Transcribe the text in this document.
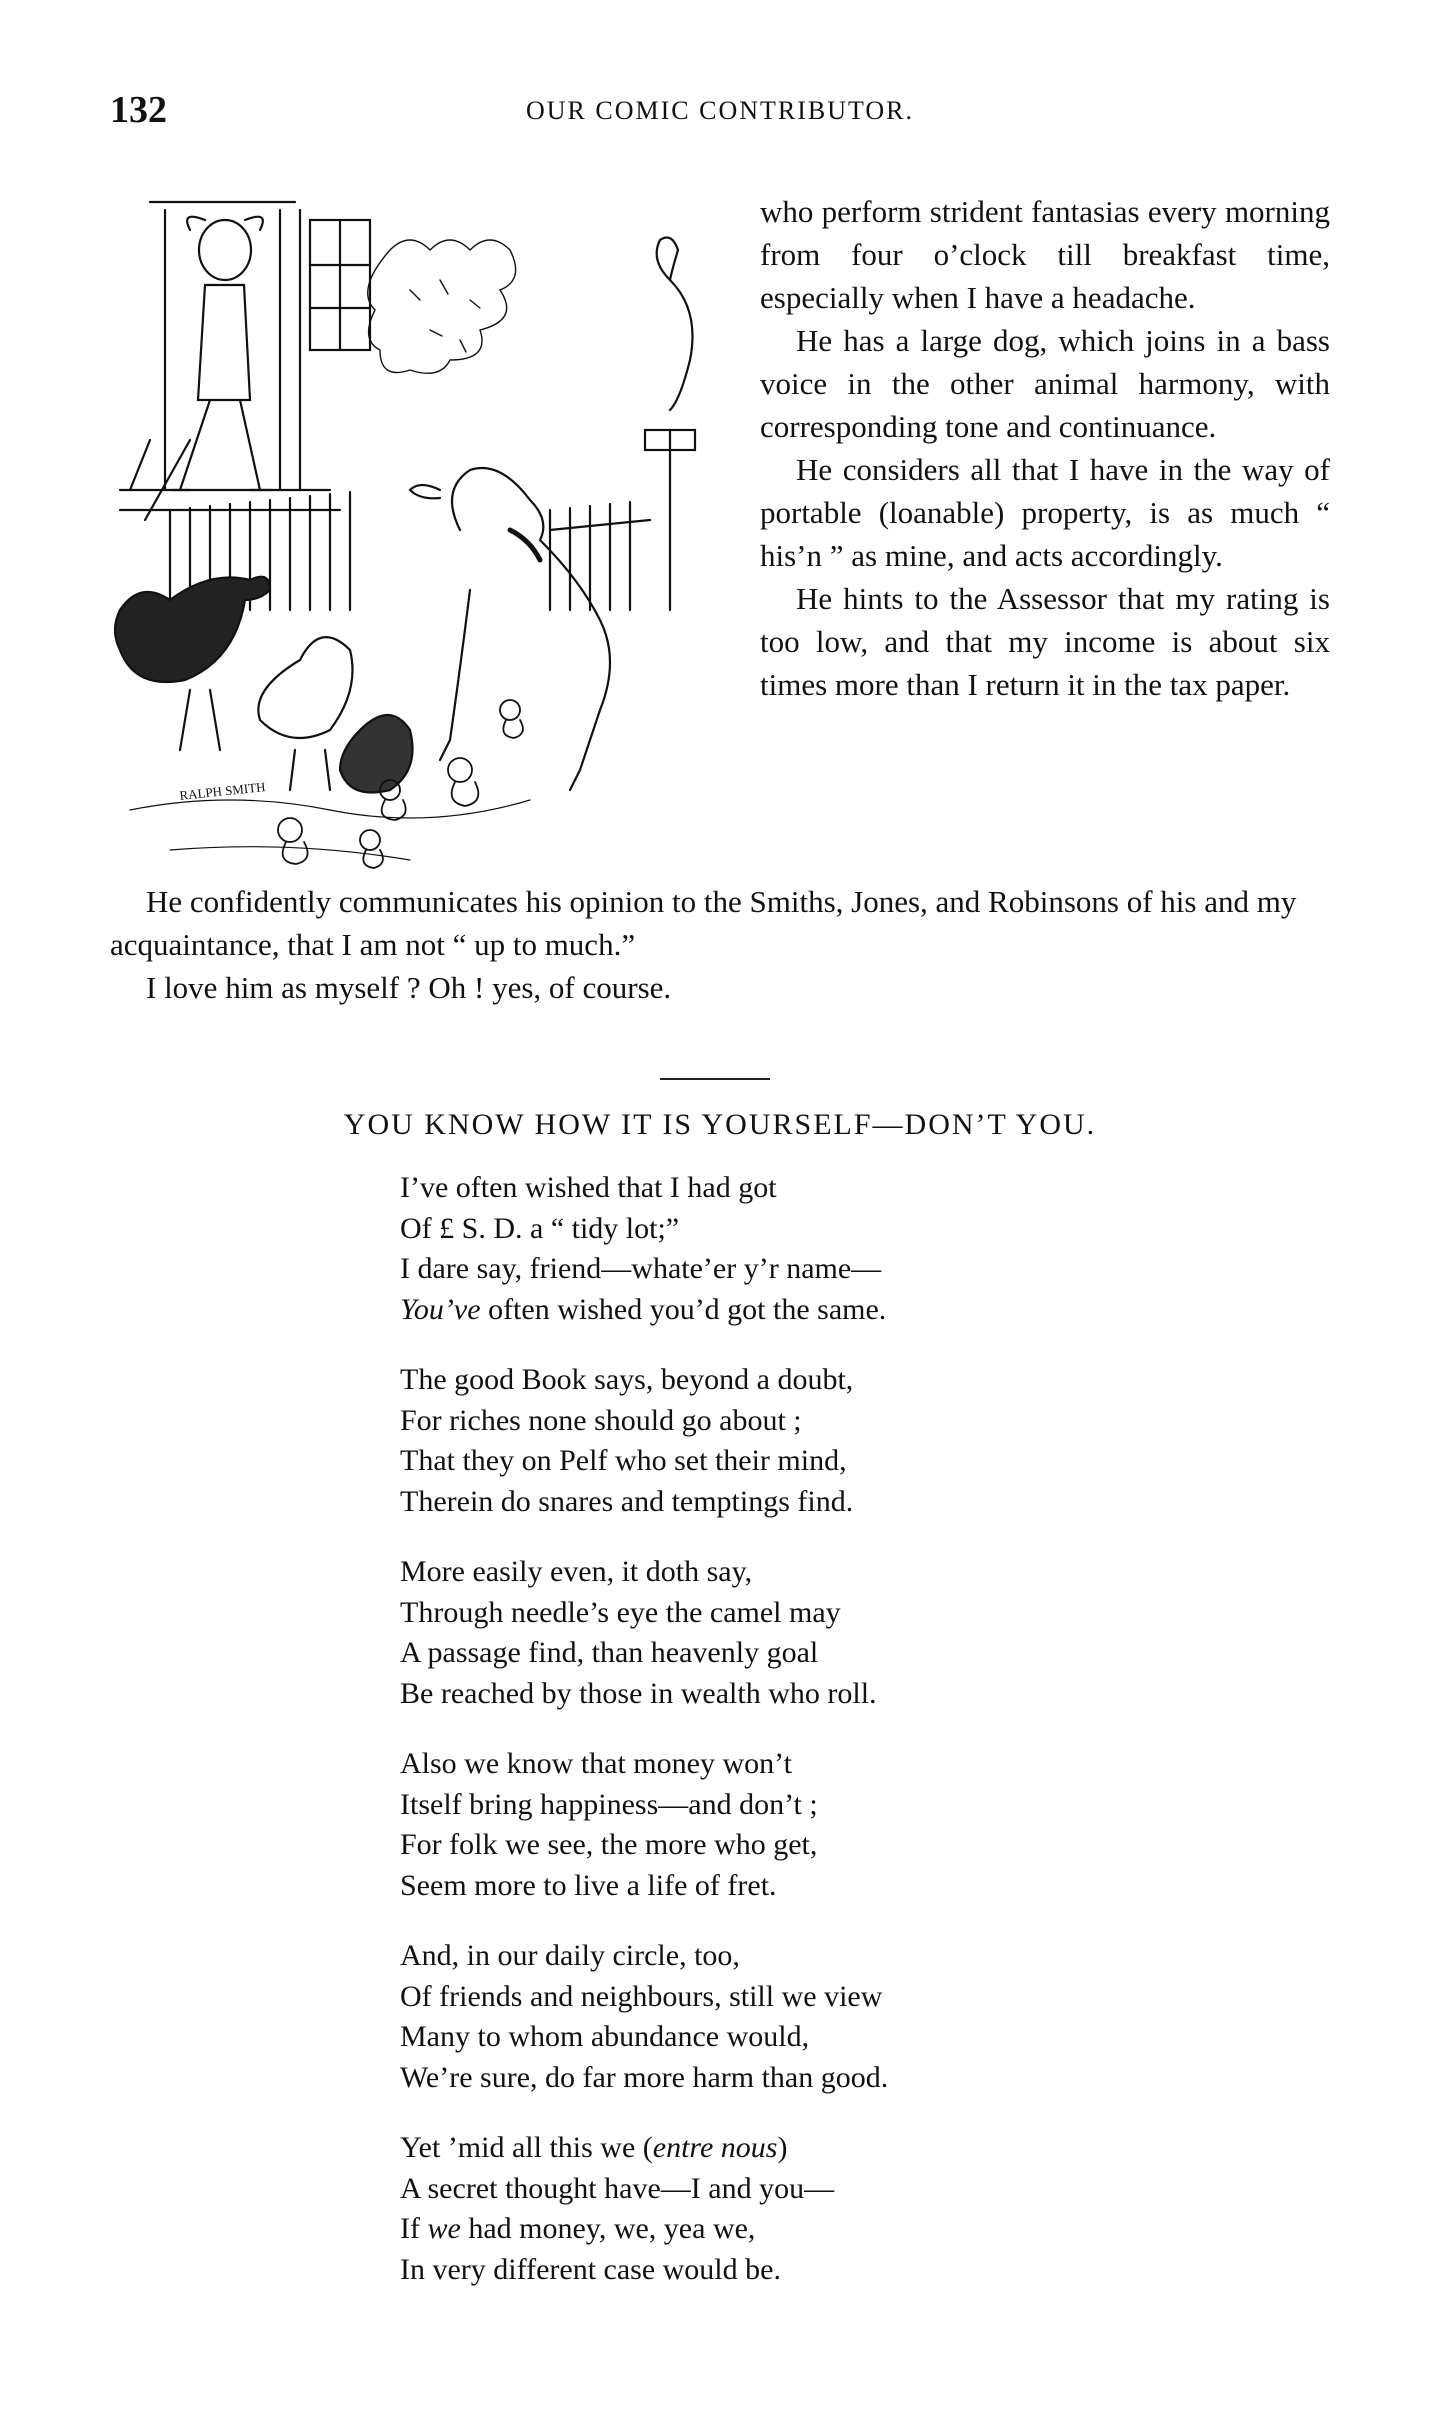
132	OUR COMIC CONTRIBUTOR.
RALPH SMITH

who perform strident fantasias every morning from four o’clock till breakfast time, especially when I have a headache.

He has a large dog, which joins in a bass voice in the other animal harmony, with corresponding tone and continuance.

He considers all that I have in the way of portable (loanable) property, is as much “ his’n ” as mine, and acts accordingly.

He hints to the Assessor that my rating is too low, and that my income is about six times more than I return it in the tax paper.

He confidently communicates his opinion to the Smiths, Jones, and Robinsons of his and my acquaintance, that I am not “ up to much.”

I love him as myself ? Oh ! yes, of course.

YOU KNOW HOW IT IS YOURSELF—DON’T YOU.
I’ve often wished that I had got
Of £ S. D. a “ tidy lot;”
I dare say, friend—whate’er y’r name—
You’ve often wished you’d got the same.
The good Book says, beyond a doubt,
For riches none should go about ;
That they on Pelf who set their mind,
Therein do snares and temptings find.
More easily even, it doth say,
Through needle’s eye the camel may
A passage find, than heavenly goal
Be reached by those in wealth who roll.
Also we know that money won’t
Itself bring happiness—and don’t ;
For folk we see, the more who get,
Seem more to live a life of fret.
And, in our daily circle, too,
Of friends and neighbours, still we view
Many to whom abundance would,
We’re sure, do far more harm than good.
Yet ’mid all this we (entre nous)
A secret thought have—I and you—
If we had money, we, yea we,
In very different case would be.
